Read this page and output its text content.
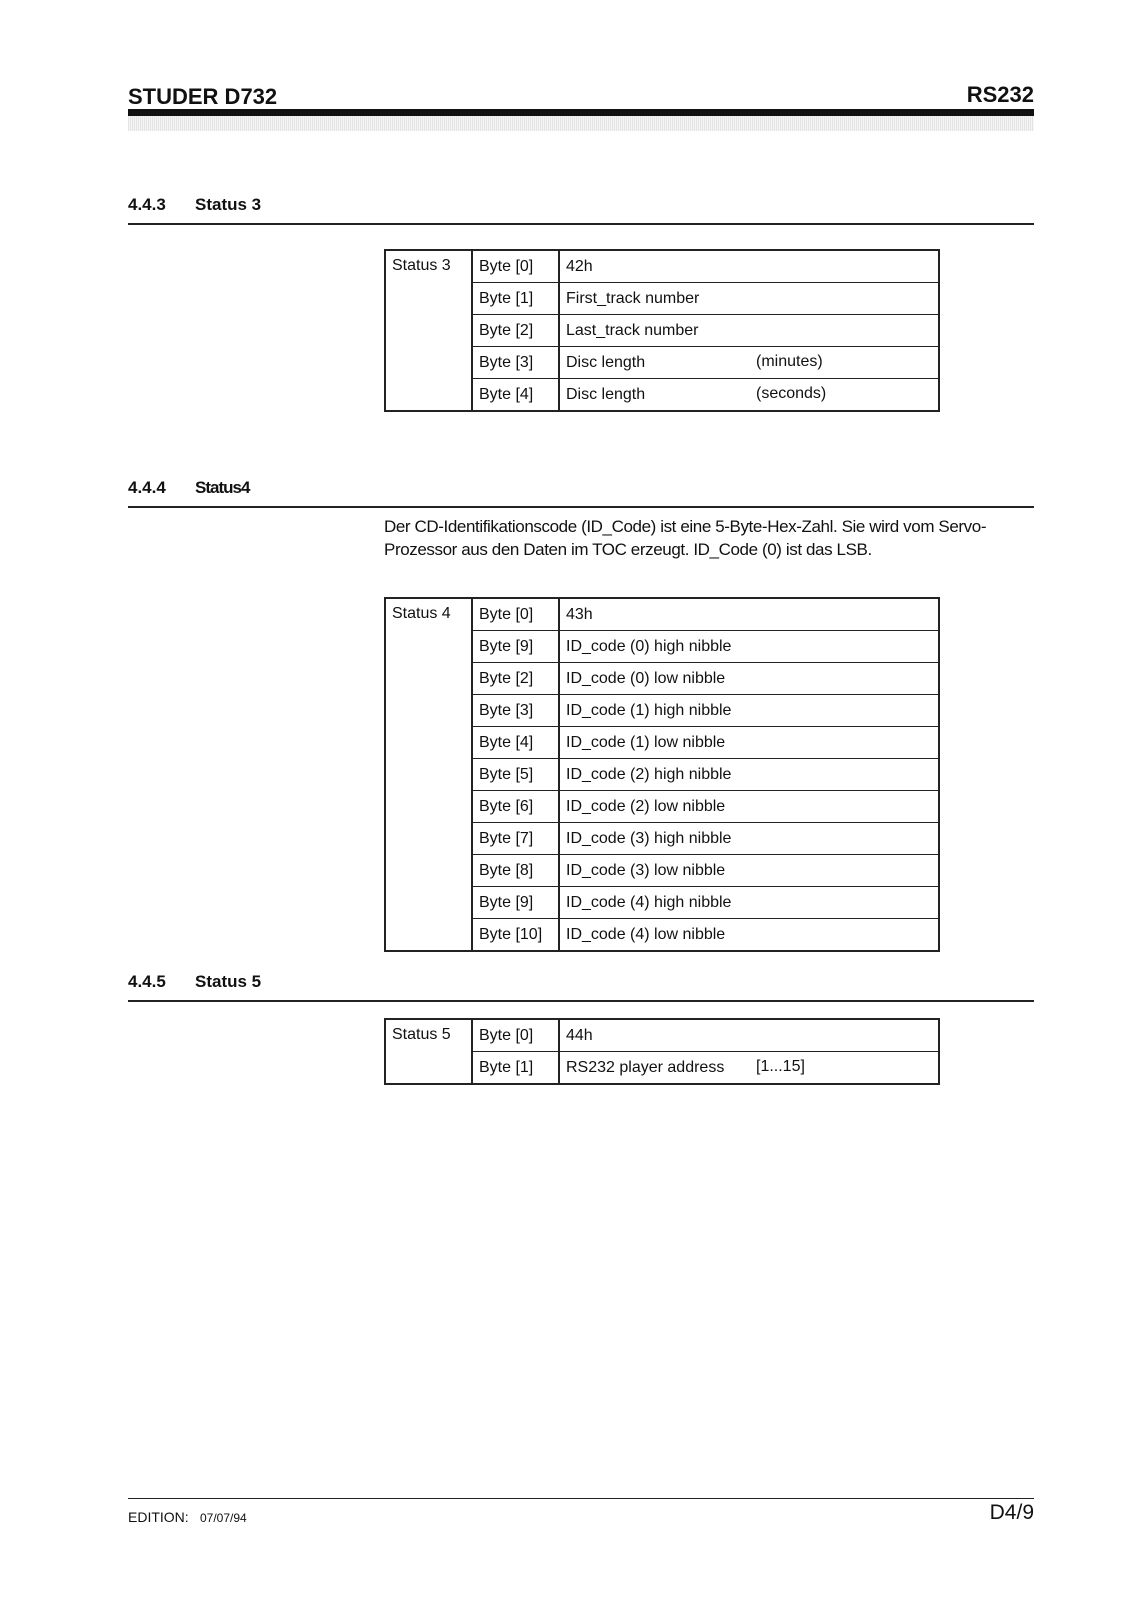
STUDER D732	RS232
4.4.3 Status 3
Status 3	Byte [0]	42h
	Byte [1]	First_track number
	Byte [2]	Last_track number
	Byte [3]	Disc length (minutes)

	Byte [4]	Disc length (seconds)
4.4.4 Status4
Der CD-Identifikationscode (ID_Code) ist eine 5-Byte-Hex-Zahl. Sie wird vom Servo-Prozessor aus den Daten im TOC erzeugt. ID_Code (0) ist das LSB.
Status 4	Byte [0]	43h
	Byte [9]	ID_code (0) high nibble
	Byte [2]	ID_code (0) low nibble
	Byte [3]	ID_code (1) high nibble
	Byte [4]	ID_code (1) low nibble
	Byte [5]	ID_code (2) high nibble
	Byte [6]	ID_code (2) low nibble
	Byte [7]	ID_code (3) high nibble
	Byte [8]	ID_code (3) low nibble
	Byte [9]	ID_code (4) high nibble
	Byte [10]	ID_code (4) low nibble
4.4.5 Status 5
Status 5	Byte [0]	44h
	Byte [1]	RS232 player address [1...15]
EDITION: 07/07/94	D4/9
